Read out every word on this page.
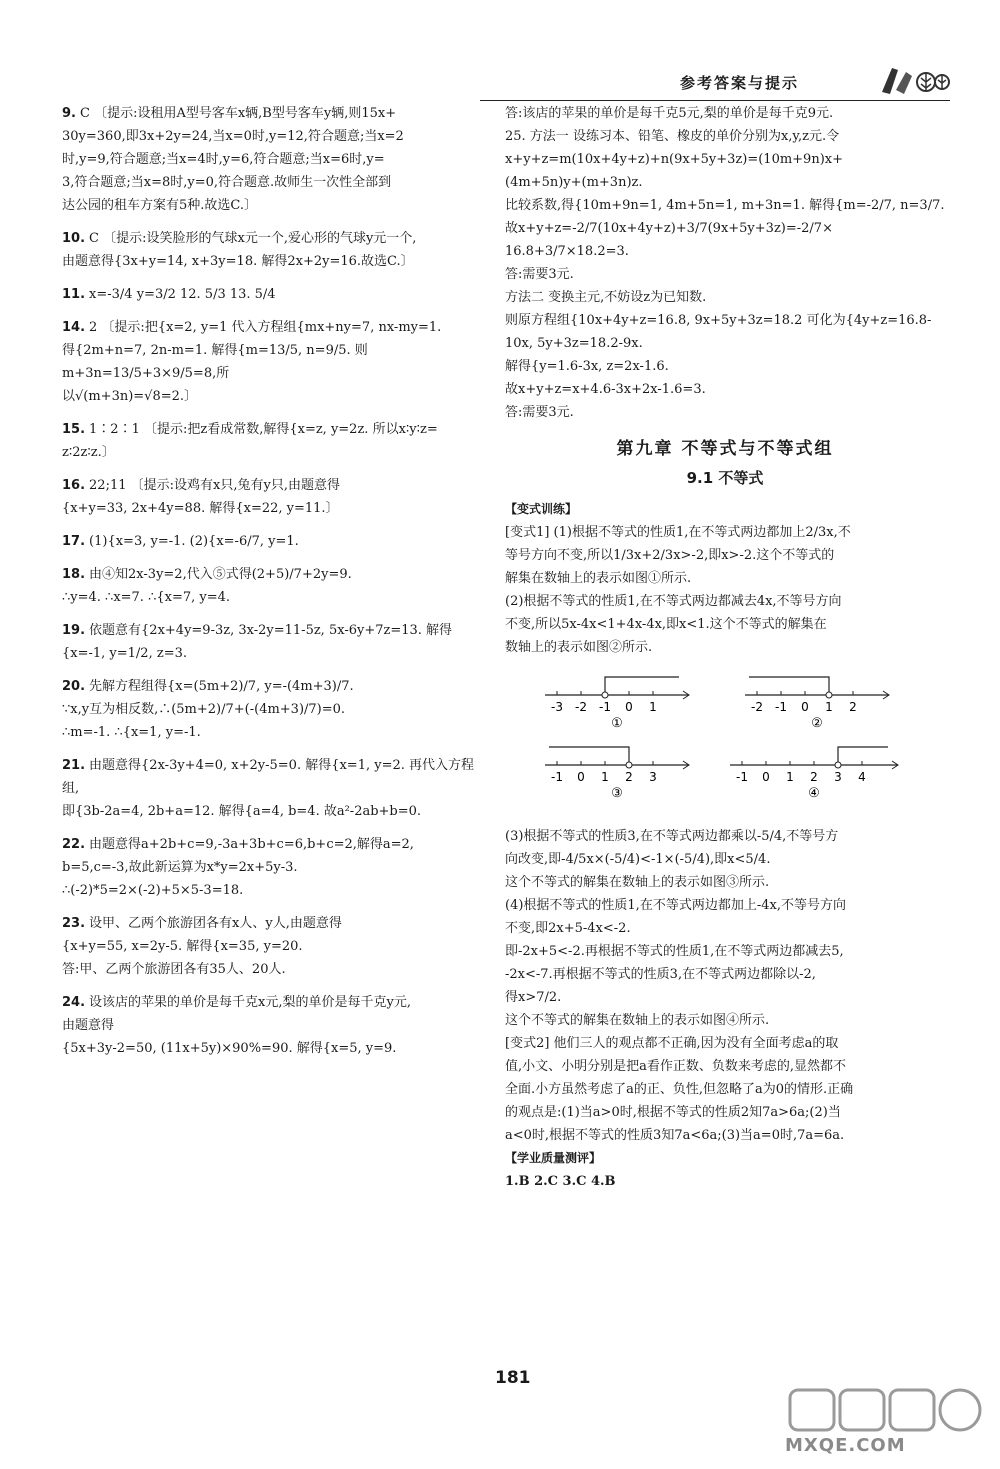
参考答案与提示
9. C 〔提示:设租用A型号客车x辆,B型号客车y辆,则15x+
30y=360,即3x+2y=24,当x=0时,y=12,符合题意;当x=2
时,y=9,符合题意;当x=4时,y=6,符合题意;当x=6时,y=
3,符合题意;当x=8时,y=0,符合题意.故师生一次性全部到
达公园的租车方案有5种.故选C.〕
10. C 〔提示:设笑脸形的气球x元一个,爱心形的气球y元一个,
由题意得{3x+y=14, x+3y=18. 解得2x+2y=16.故选C.〕
11. x=-3/4 y=3/2 12. 5/3 13. 5/4
14. 2 〔提示:把{x=2, y=1 代入方程组{mx+ny=7, nx-my=1.
得{2m+n=7, 2n-m=1. 解得{m=13/5, n=9/5. 则m+3n=13/5+3×9/5=8,所
以√(m+3n)=√8=2.〕
15. 1∶2∶1 〔提示:把z看成常数,解得{x=z, y=2z. 所以x∶y∶z=
z∶2z∶z.〕
16. 22;11 〔提示:设鸡有x只,兔有y只,由题意得
{x+y=33, 2x+4y=88. 解得{x=22, y=11.〕
17. (1){x=3, y=-1. (2){x=-6/7, y=1.
18. 由④知2x-3y=2,代入⑤式得(2+5)/7+2y=9.
∴y=4. ∴x=7. ∴{x=7, y=4.
19. 依题意有{2x+4y=9-3z, 3x-2y=11-5z, 5x-6y+7z=13. 解得{x=-1, y=1/2, z=3.
20. 先解方程组得{x=(5m+2)/7, y=-(4m+3)/7.
∵x,y互为相反数,∴(5m+2)/7+(-(4m+3)/7)=0.
∴m=-1. ∴{x=1, y=-1.
21. 由题意得{2x-3y+4=0, x+2y-5=0. 解得{x=1, y=2. 再代入方程组,
即{3b-2a=4, 2b+a=12. 解得{a=4, b=4. 故a²-2ab+b=0.
22. 由题意得a+2b+c=9,-3a+3b+c=6,b+c=2,解得a=2,
b=5,c=-3,故此新运算为x*y=2x+5y-3.
∴(-2)*5=2×(-2)+5×5-3=18.
23. 设甲、乙两个旅游团各有x人、y人,由题意得
{x+y=55, x=2y-5. 解得{x=35, y=20.
答:甲、乙两个旅游团各有35人、20人.
24. 设该店的苹果的单价是每千克x元,梨的单价是每千克y元,
由题意得
{5x+3y-2=50, (11x+5y)×90%=90. 解得{x=5, y=9.
答:该店的苹果的单价是每千克5元,梨的单价是每千克9元.
25. 方法一 设练习本、铅笔、橡皮的单价分别为x,y,z元.令
x+y+z=m(10x+4y+z)+n(9x+5y+3z)=(10m+9n)x+
(4m+5n)y+(m+3n)z.
比较系数,得{10m+9n=1, 4m+5n=1, m+3n=1. 解得{m=-2/7, n=3/7.
故x+y+z=-2/7(10x+4y+z)+3/7(9x+5y+3z)=-2/7×
16.8+3/7×18.2=3.
答:需要3元.
方法二 变换主元,不妨设z为已知数.
则原方程组{10x+4y+z=16.8, 9x+5y+3z=18.2 可化为{4y+z=16.8-10x, 5y+3z=18.2-9x.
解得{y=1.6-3x, z=2x-1.6.
故x+y+z=x+4.6-3x+2x-1.6=3.
答:需要3元.
第九章 不等式与不等式组
9.1 不等式
【变式训练】
[变式1] (1)根据不等式的性质1,在不等式两边都加上2/3x,不
等号方向不变,所以1/3x+2/3x>-2,即x>-2.这个不等式的
解集在数轴上的表示如图①所示.
(2)根据不等式的性质1,在不等式两边都减去4x,不等号方向
不变,所以5x-4x<1+4x-4x,即x<1.这个不等式的解集在
数轴上的表示如图②所示.
-3 -2 -1 0 1
①
-2 -1 0 1 2
②
-1 0 1 2 3
③
-1 0 1 2 3 4
④
(3)根据不等式的性质3,在不等式两边都乘以-5/4,不等号方
向改变,即-4/5x×(-5/4)<-1×(-5/4),即x<5/4.
这个不等式的解集在数轴上的表示如图③所示.
(4)根据不等式的性质1,在不等式两边都加上-4x,不等号方向
不变,即2x+5-4x<-2.
即-2x+5<-2.再根据不等式的性质1,在不等式两边都减去5,
-2x<-7.再根据不等式的性质3,在不等式两边都除以-2,
得x>7/2.
这个不等式的解集在数轴上的表示如图④所示.
[变式2] 他们三人的观点都不正确,因为没有全面考虑a的取
值,小文、小明分别是把a看作正数、负数来考虑的,显然都不
全面.小方虽然考虑了a的正、负性,但忽略了a为0的情形.正确
的观点是:(1)当a>0时,根据不等式的性质2知7a>6a;(2)当
a<0时,根据不等式的性质3知7a<6a;(3)当a=0时,7a=6a.
【学业质量测评】
1.B 2.C 3.C 4.B
181
MXQE.COM
